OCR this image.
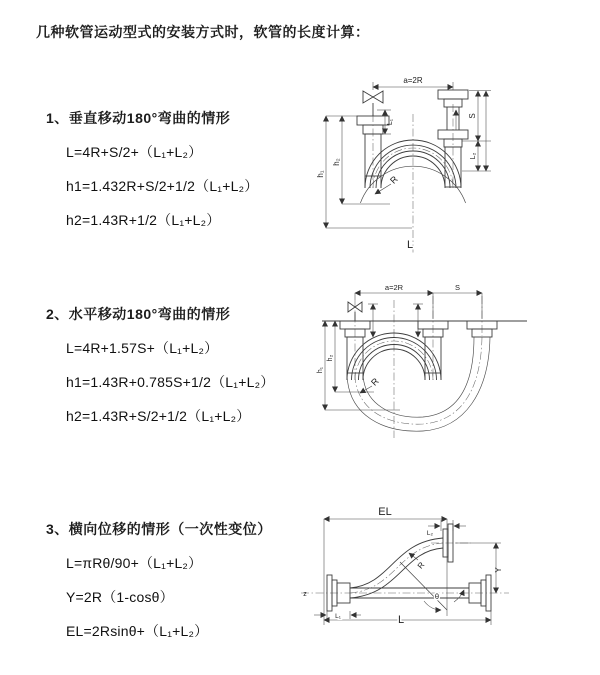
几种软管运动型式的安装方式时，软管的长度计算：
1、垂直移动180°弯曲的情形
L=4R+S/2+（L₁+L₂）
h1=1.432R+S/2+1/2（L₁+L₂）
h2=1.43R+1/2（L₁+L₂）
2、水平移动180°弯曲的情形
L=4R+1.57S+（L₁+L₂）
h1=1.43R+0.785S+1/2（L₁+L₂）
h2=1.43R+S/2+1/2（L₁+L₂）
3、横向位移的情形（一次性变位）
L=πRθ/90+（L₁+L₂）
Y=2R（1-cosθ）
EL=2Rsinθ+（L₁+L₂）
a=2R
h₁
h₂
L₁
S
L₂
R
L
a=2R	S
h₁
h₂
R
EL
L₂
Y
R
θ
L
L₁
z
